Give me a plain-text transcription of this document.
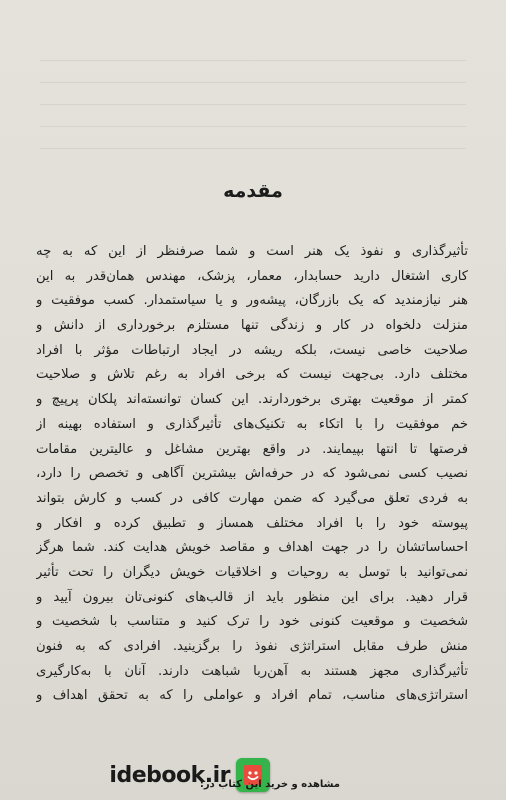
مقدمه
تأثیرگذاری و نفوذ یک هنر است و شما صرفنظر از این که به چه
کاری اشتغال دارید حسابدار، معمار، پزشک، مهندس همان‌قدر به این
هنر نیازمندید که یک بازرگان، پیشه‌ور و یا سیاستمدار. کسب موفقیت و
منزلت دلخواه در کار و زندگی تنها مستلزم برخورداری از دانش و
صلاحیت خاصی نیست، بلکه ریشه در ایجاد ارتباطات مؤثر با افراد
مختلف دارد. بی‌جهت نیست که برخی افراد به رغم تلاش و صلاحیت
کمتر از موقعیت بهتری برخوردارند. این کسان توانسته‌اند پلکان پرپیچ و
خم موفقیت را با اتکاء به تکنیک‌های تأثیرگذاری و استفاده بهینه از
فرصتها تا انتها بپیمایند. در واقع بهترین مشاغل و عالیترین مقامات
نصیب کسی نمی‌شود که در حرفه‌اش بیشترین آگاهی و تخصص را دارد،
به فردی تعلق می‌گیرد که ضمن مهارت کافی در کسب و کارش بتواند
پیوسته خود را با افراد مختلف همساز و تطبیق کرده و افکار و
احساساتشان را در جهت اهداف و مقاصد خویش هدایت کند. شما هرگز
نمی‌توانید با توسل به روحیات و اخلاقیات خویش دیگران را تحت تأثیر
قرار دهید. برای این منظور باید از قالب‌های کنونی‌تان بیرون آیید و
شخصیت و موقعیت کنونی خود را ترک کنید و متناسب با شخصیت و
منش طرف مقابل استراتژی نفوذ را برگزینید. افرادی که به فنون
تأثیرگذاری مجهز هستند به آهن‌ربا شباهت دارند. آنان با به‌کارگیری
استراتژی‌های مناسب، تمام افراد و عواملی را که به تحقق اهداف و
idebook.ir
مشاهده و خرید این کتاب در:
